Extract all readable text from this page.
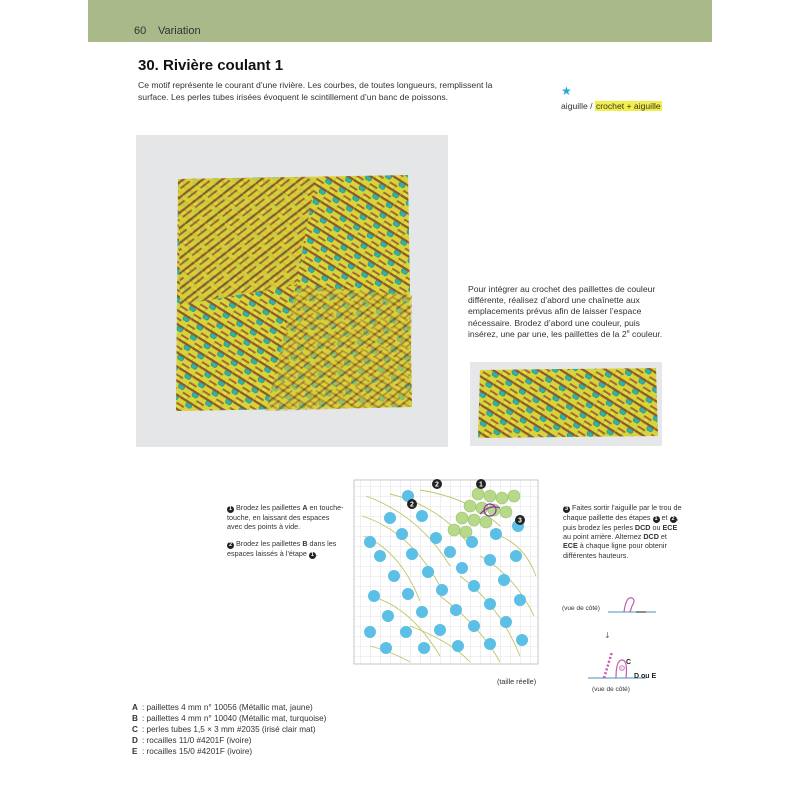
60 Variation
30. Rivière coulant 1
Ce motif représente le courant d’une rivière. Les courbes, de toutes longueurs, remplissent la surface. Les perles tubes irisées évoquent le scintillement d’un banc de poissons.	★
aiguille / crochet + aiguille
Pour intégrer au crochet des paillettes de couleur différente, réalisez d’abord une chaînette aux emplacements prévus afin de laisser l’espace nécessaire. Brodez d’abord une couleur, puis insérez, une par une, les paillettes de la 2e couleur.

1 Brodez les paillettes A en touche-touche, en laissant des espaces avec des points à vide.

2 Brodez les paillettes B dans les espaces laissés à l’étape 1 .

2	1
2
3
(taille réelle)

3 Faites sortir l’aiguille par le trou de chaque paillette des étapes 1 et 2 , puis brodez les perles DCD ou ECE au point arrière. Alternez DCD et ECE à chaque ligne pour obtenir différentes hauteurs.

(vue de côté)
↓
C
D ou E
(vue de côté)
A : paillettes 4 mm n° 10056 (Métallic mat, jaune)
B : paillettes 4 mm n° 10040 (Métallic mat, turquoise)
C : perles tubes 1,5 × 3 mm #2035 (irisé clair mat)
D : rocailles 11/0 #4201F (ivoire)
E : rocailles 15/0 #4201F (ivoire)
